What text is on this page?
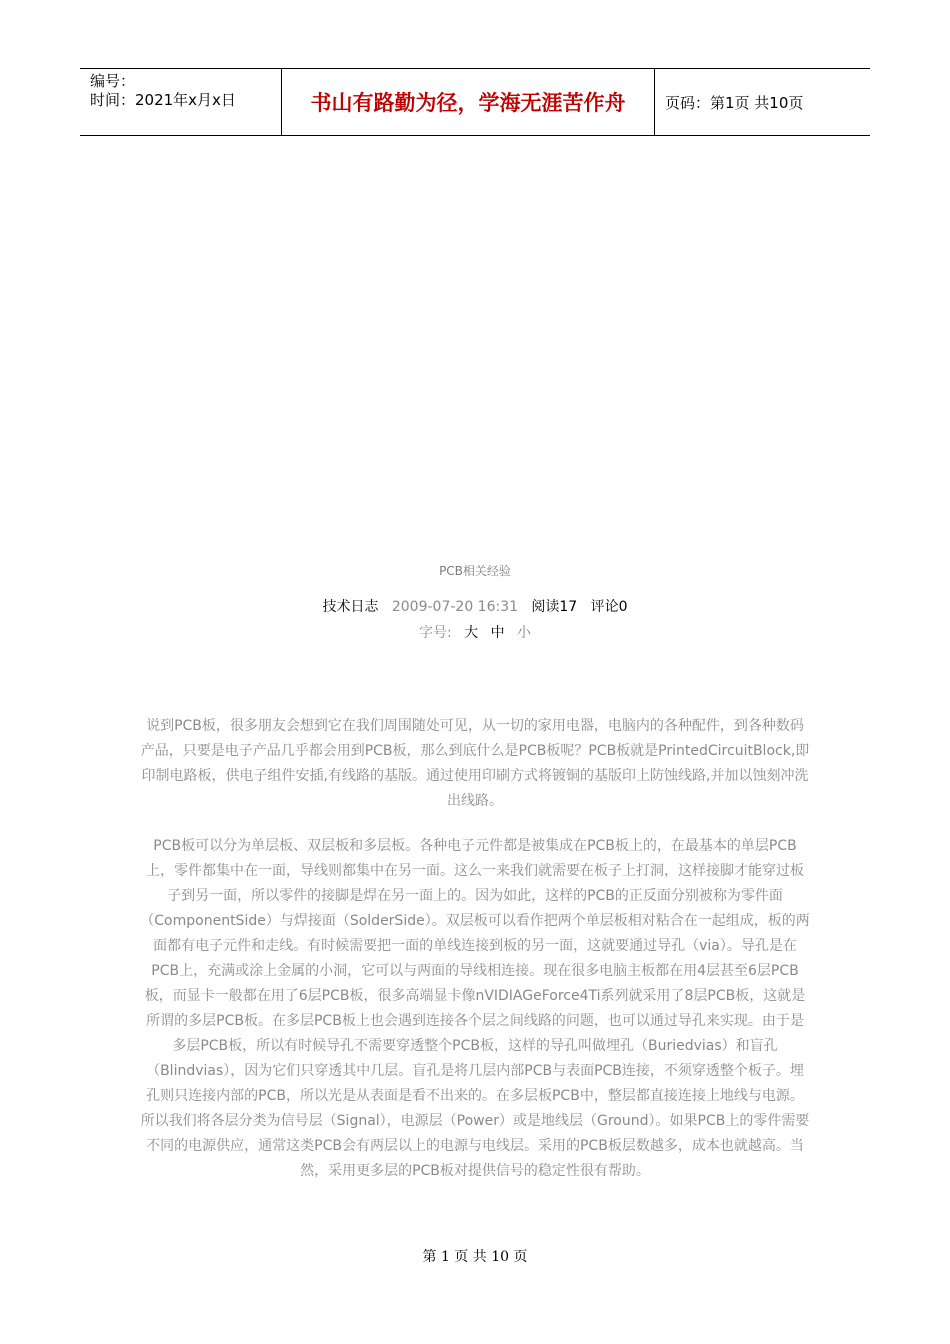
编号：
时间：2021年x月x日	书山有路勤为径，学海无涯苦作舟	页码：第1页 共10页
PCB相关经验
技术日志 2009-07-20 16:31 阅读17 评论0
字号: 大 中 小
说到PCB板，很多朋友会想到它在我们周围随处可见，从一切的家用电器，电脑内的各种配件，到各种数码产品，只要是电子产品几乎都会用到PCB板，那么到底什么是PCB板呢？PCB板就是PrintedCircuitBlock,即印制电路板，供电子组件安插,有线路的基版。通过使用印刷方式将镀铜的基版印上防蚀线路,并加以蚀刻冲洗出线路。
PCB板可以分为单层板、双层板和多层板。各种电子元件都是被集成在PCB板上的，在最基本的单层PCB上，零件都集中在一面，导线则都集中在另一面。这么一来我们就需要在板子上打洞，这样接脚才能穿过板子到另一面，所以零件的接脚是焊在另一面上的。因为如此，这样的PCB的正反面分别被称为零件面（ComponentSide）与焊接面（SolderSide）。双层板可以看作把两个单层板相对粘合在一起组成，板的两面都有电子元件和走线。有时候需要把一面的单线连接到板的另一面，这就要通过导孔（via）。导孔是在PCB上，充满或涂上金属的小洞，它可以与两面的导线相连接。现在很多电脑主板都在用4层甚至6层PCB板，而显卡一般都在用了6层PCB板，很多高端显卡像nVIDIAGeForce4Ti系列就采用了8层PCB板，这就是所谓的多层PCB板。在多层PCB板上也会遇到连接各个层之间线路的问题，也可以通过导孔来实现。由于是多层PCB板，所以有时候导孔不需要穿透整个PCB板，这样的导孔叫做埋孔（Buriedvias）和盲孔（Blindvias），因为它们只穿透其中几层。盲孔是将几层内部PCB与表面PCB连接，不须穿透整个板子。埋孔则只连接内部的PCB，所以光是从表面是看不出来的。在多层板PCB中，整层都直接连接上地线与电源。所以我们将各层分类为信号层（Signal），电源层（Power）或是地线层（Ground）。如果PCB上的零件需要不同的电源供应，通常这类PCB会有两层以上的电源与电线层。采用的PCB板层数越多，成本也就越高。当然，采用更多层的PCB板对提供信号的稳定性很有帮助。
第 1 页 共 10 页
